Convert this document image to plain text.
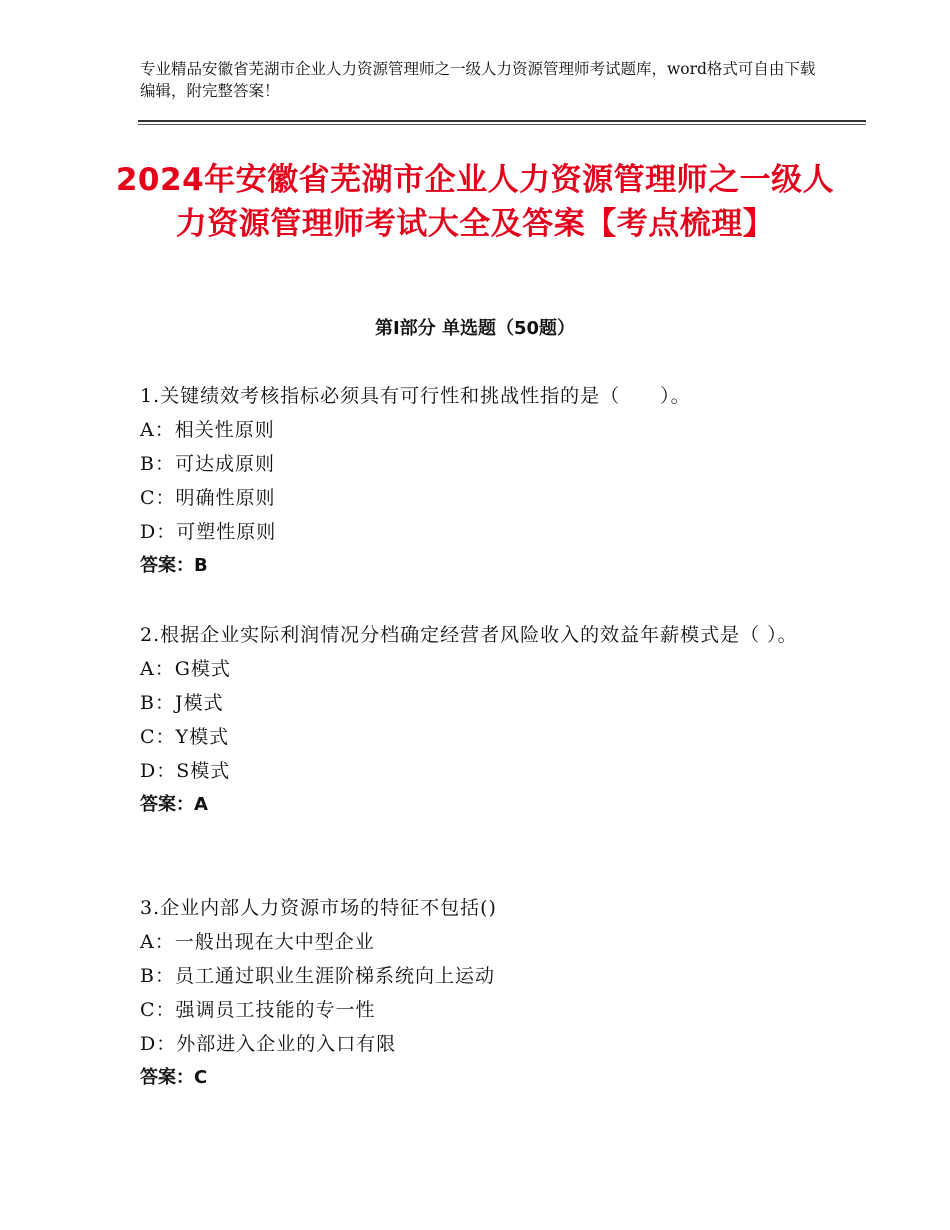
专业精品安徽省芜湖市企业人力资源管理师之一级人力资源管理师考试题库，word格式可自由下载编辑，附完整答案！
2024年安徽省芜湖市企业人力资源管理师之一级人力资源管理师考试大全及答案【考点梳理】
第Ⅰ部分 单选题（50题）
1.关键绩效考核指标必须具有可行性和挑战性指的是（　　）。
A：相关性原则
B：可达成原则
C：明确性原则
D：可塑性原则
答案：B
2.根据企业实际利润情况分档确定经营者风险收入的效益年薪模式是（ ）。
A：G模式
B：J模式
C：Y模式
D：S模式
答案：A
3.企业内部人力资源市场的特征不包括()
A：一般出现在大中型企业
B：员工通过职业生涯阶梯系统向上运动
C：强调员工技能的专一性
D：外部进入企业的入口有限
答案：C
